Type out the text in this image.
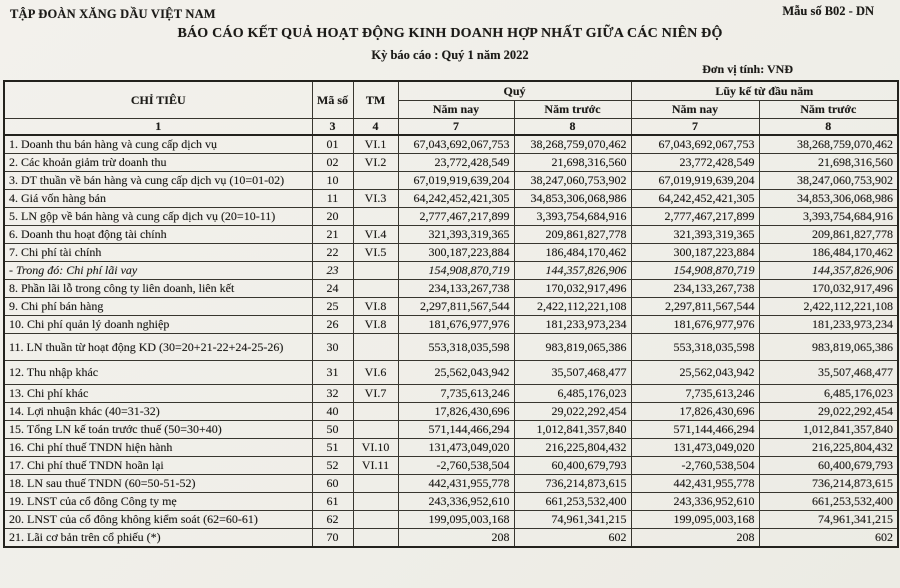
TẬP ĐOÀN XĂNG DẦU VIỆT NAM	Mẫu số B02 - DN
BÁO CÁO KẾT QUẢ HOẠT ĐỘNG KINH DOANH HỢP NHẤT GIỮA CÁC NIÊN ĐỘ
Kỳ báo cáo : Quý 1 năm 2022
Đơn vị tính: VNĐ
CHỈ TIÊU	Mã số	TM	Quý		Lũy kế từ đầu năm	
			Năm nay	Năm trước	Năm nay	Năm trước
1	3	4	7	8	7	8
1. Doanh thu bán hàng và cung cấp dịch vụ	01	VI.1	67,043,692,067,753	38,268,759,070,462	67,043,692,067,753	38,268,759,070,462
2. Các khoản giảm trừ doanh thu	02	VI.2	23,772,428,549	21,698,316,560	23,772,428,549	21,698,316,560
3. DT thuần về bán hàng và cung cấp dịch vụ (10=01-02)	10		67,019,919,639,204	38,247,060,753,902	67,019,919,639,204	38,247,060,753,902
4. Giá vốn hàng bán	11	VI.3	64,242,452,421,305	34,853,306,068,986	64,242,452,421,305	34,853,306,068,986
5. LN gộp về bán hàng và cung cấp dịch vụ (20=10-11)	20		2,777,467,217,899	3,393,754,684,916	2,777,467,217,899	3,393,754,684,916
6. Doanh thu hoạt động tài chính	21	VI.4	321,393,319,365	209,861,827,778	321,393,319,365	209,861,827,778
7. Chi phí tài chính	22	VI.5	300,187,223,884	186,484,170,462	300,187,223,884	186,484,170,462
- Trong đó: Chi phí lãi vay	23		154,908,870,719	144,357,826,906	154,908,870,719	144,357,826,906
8. Phần lãi lỗ trong công ty liên doanh, liên kết	24		234,133,267,738	170,032,917,496	234,133,267,738	170,032,917,496
9. Chi phí bán hàng	25	VI.8	2,297,811,567,544	2,422,112,221,108	2,297,811,567,544	2,422,112,221,108
10. Chi phí quản lý doanh nghiệp	26	VI.8	181,676,977,976	181,233,973,234	181,676,977,976	181,233,973,234
11. LN thuần từ hoạt động KD (30=20+21-22+24-25-26)	30		553,318,035,598	983,819,065,386	553,318,035,598	983,819,065,386
12. Thu nhập khác	31	VI.6	25,562,043,942	35,507,468,477	25,562,043,942	35,507,468,477
13. Chi phí khác	32	VI.7	7,735,613,246	6,485,176,023	7,735,613,246	6,485,176,023
14. Lợi nhuận khác (40=31-32)	40		17,826,430,696	29,022,292,454	17,826,430,696	29,022,292,454
15. Tổng LN kế toán trước thuế (50=30+40)	50		571,144,466,294	1,012,841,357,840	571,144,466,294	1,012,841,357,840
16. Chi phí thuế TNDN hiện hành	51	VI.10	131,473,049,020	216,225,804,432	131,473,049,020	216,225,804,432
17. Chi phí thuế TNDN hoãn lại	52	VI.11	-2,760,538,504	60,400,679,793	-2,760,538,504	60,400,679,793
18. LN sau thuế TNDN (60=50-51-52)	60		442,431,955,778	736,214,873,615	442,431,955,778	736,214,873,615
19. LNST của cổ đông Công ty mẹ	61		243,336,952,610	661,253,532,400	243,336,952,610	661,253,532,400
20. LNST của cổ đông không kiểm soát (62=60-61)	62		199,095,003,168	74,961,341,215	199,095,003,168	74,961,341,215
21. Lãi cơ bản trên cổ phiếu (*)	70		208	602	208	602
